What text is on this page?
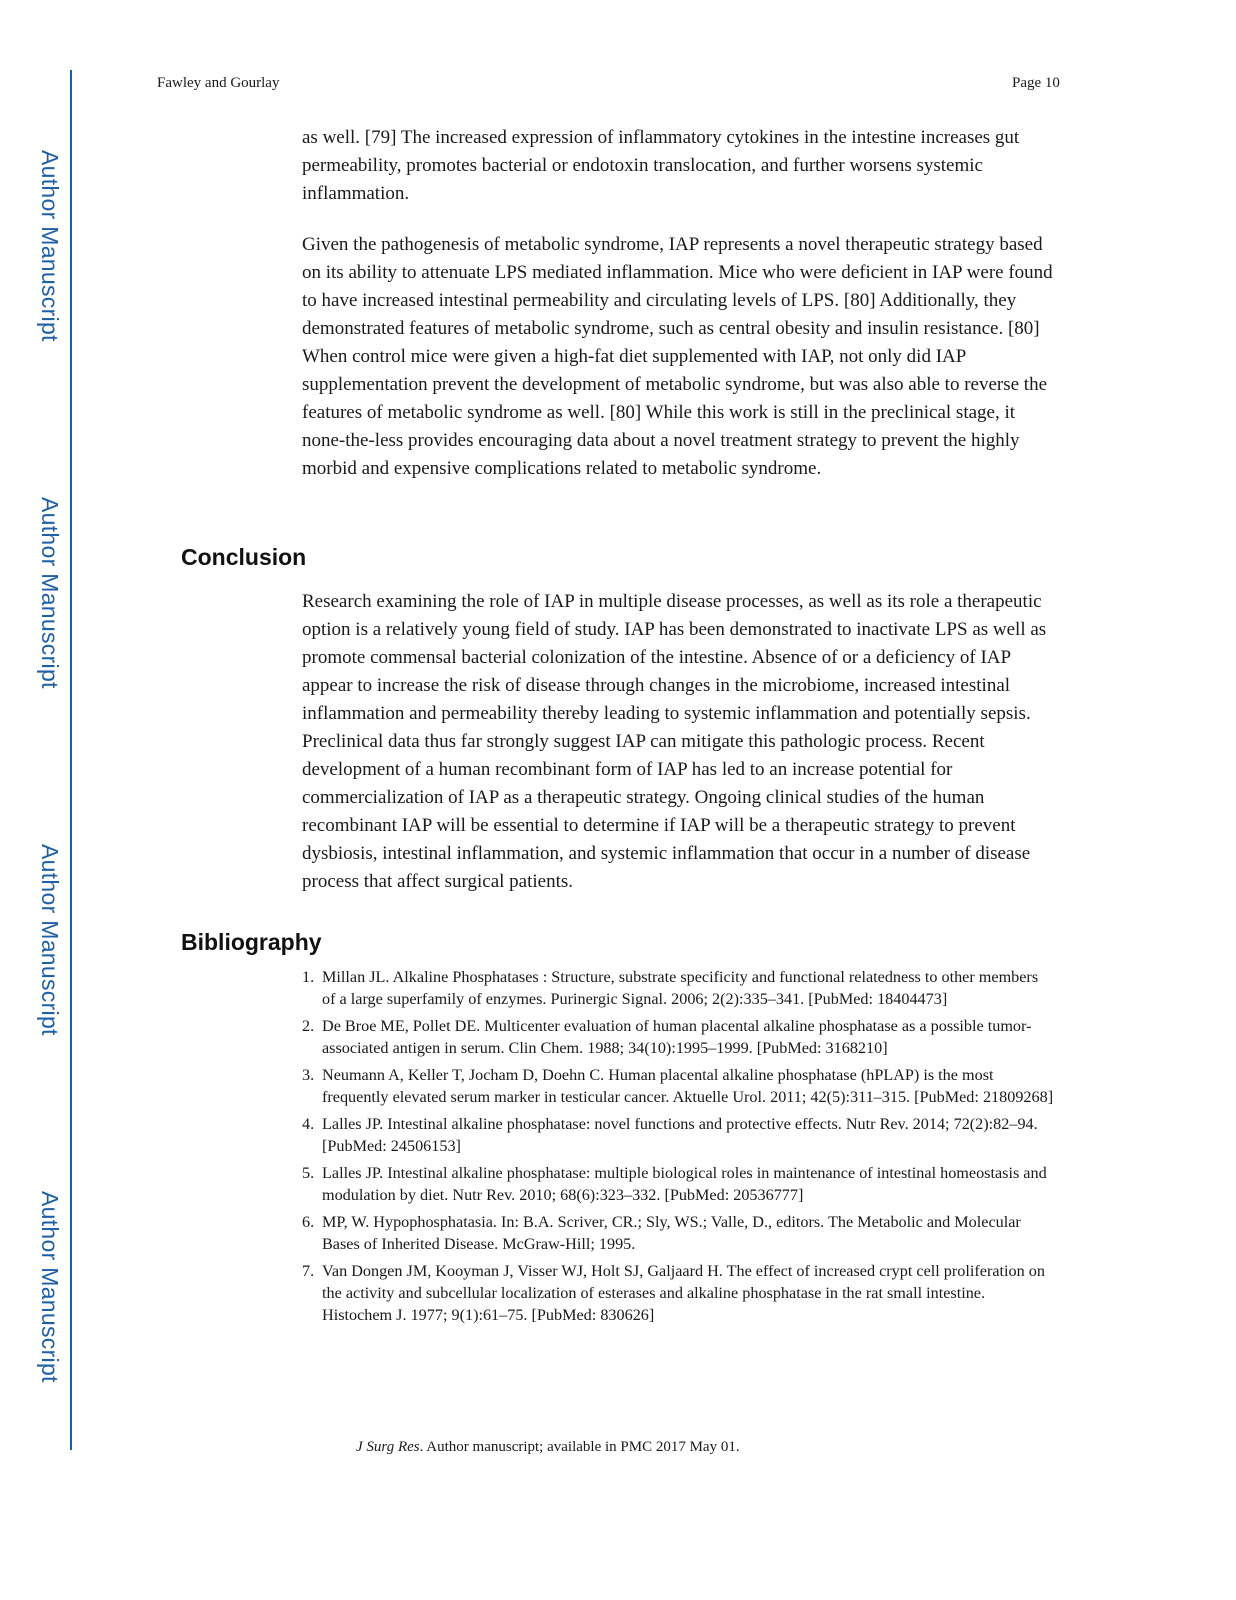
Author Manuscript
Author Manuscript
Author Manuscript
Author Manuscript
Fawley and Gourlay	Page 10

as well. [79] The increased expression of inflammatory cytokines in the intestine increases gut permeability, promotes bacterial or endotoxin translocation, and further worsens systemic inflammation.

Given the pathogenesis of metabolic syndrome, IAP represents a novel therapeutic strategy based on its ability to attenuate LPS mediated inflammation. Mice who were deficient in IAP were found to have increased intestinal permeability and circulating levels of LPS. [80] Additionally, they demonstrated features of metabolic syndrome, such as central obesity and insulin resistance. [80] When control mice were given a high-fat diet supplemented with IAP, not only did IAP supplementation prevent the development of metabolic syndrome, but was also able to reverse the features of metabolic syndrome as well. [80] While this work is still in the preclinical stage, it none-the-less provides encouraging data about a novel treatment strategy to prevent the highly morbid and expensive complications related to metabolic syndrome.

Conclusion

Research examining the role of IAP in multiple disease processes, as well as its role a therapeutic option is a relatively young field of study. IAP has been demonstrated to inactivate LPS as well as promote commensal bacterial colonization of the intestine. Absence of or a deficiency of IAP appear to increase the risk of disease through changes in the microbiome, increased intestinal inflammation and permeability thereby leading to systemic inflammation and potentially sepsis. Preclinical data thus far strongly suggest IAP can mitigate this pathologic process. Recent development of a human recombinant form of IAP has led to an increase potential for commercialization of IAP as a therapeutic strategy. Ongoing clinical studies of the human recombinant IAP will be essential to determine if IAP will be a therapeutic strategy to prevent dysbiosis, intestinal inflammation, and systemic inflammation that occur in a number of disease process that affect surgical patients.

Bibliography
1. Millan JL. Alkaline Phosphatases : Structure, substrate specificity and functional relatedness to other members of a large superfamily of enzymes. Purinergic Signal. 2006; 2(2):335–341. [PubMed: 18404473]
2. De Broe ME, Pollet DE. Multicenter evaluation of human placental alkaline phosphatase as a possible tumor-associated antigen in serum. Clin Chem. 1988; 34(10):1995–1999. [PubMed: 3168210]
3. Neumann A, Keller T, Jocham D, Doehn C. Human placental alkaline phosphatase (hPLAP) is the most frequently elevated serum marker in testicular cancer. Aktuelle Urol. 2011; 42(5):311–315. [PubMed: 21809268]
4. Lalles JP. Intestinal alkaline phosphatase: novel functions and protective effects. Nutr Rev. 2014; 72(2):82–94. [PubMed: 24506153]
5. Lalles JP. Intestinal alkaline phosphatase: multiple biological roles in maintenance of intestinal homeostasis and modulation by diet. Nutr Rev. 2010; 68(6):323–332. [PubMed: 20536777]
6. MP, W. Hypophosphatasia. In: B.A. Scriver, CR.; Sly, WS.; Valle, D., editors. The Metabolic and Molecular Bases of Inherited Disease. McGraw-Hill; 1995.
7. Van Dongen JM, Kooyman J, Visser WJ, Holt SJ, Galjaard H. The effect of increased crypt cell proliferation on the activity and subcellular localization of esterases and alkaline phosphatase in the rat small intestine. Histochem J. 1977; 9(1):61–75. [PubMed: 830626]
J Surg Res. Author manuscript; available in PMC 2017 May 01.
